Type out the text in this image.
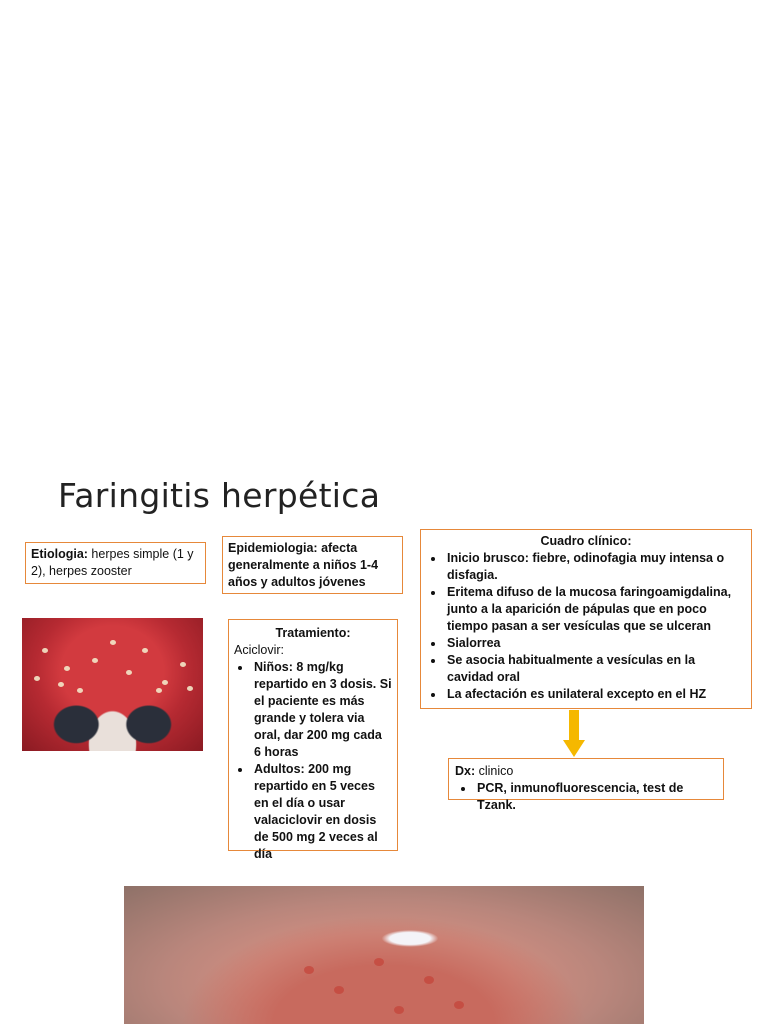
Faringitis herpética
Etiologia: herpes simple (1 y 2), herpes zooster
Epidemiologia: afecta generalmente a niños 1-4 años y adultos jóvenes
Tratamiento:
Aciclovir:
• Niños: 8 mg/kg repartido en 3 dosis. Si el paciente es más grande y tolera via oral, dar 200 mg cada 6 horas
• Adultos: 200 mg repartido en 5 veces en el día o usar valaciclovir en dosis de 500 mg 2 veces al día
Cuadro clínico:
• Inicio brusco: fiebre, odinofagia muy intensa o disfagia.
• Eritema difuso de la mucosa faringoamigdalina, junto a la aparición de pápulas que en poco tiempo pasan a ser vesículas que se ulceran
• Sialorrea
• Se asocia habitualmente a vesículas en la cavidad oral
• La afectación es unilateral excepto en el HZ
Dx: clinico
• PCR, inmunofluorescencia, test de Tzank.
